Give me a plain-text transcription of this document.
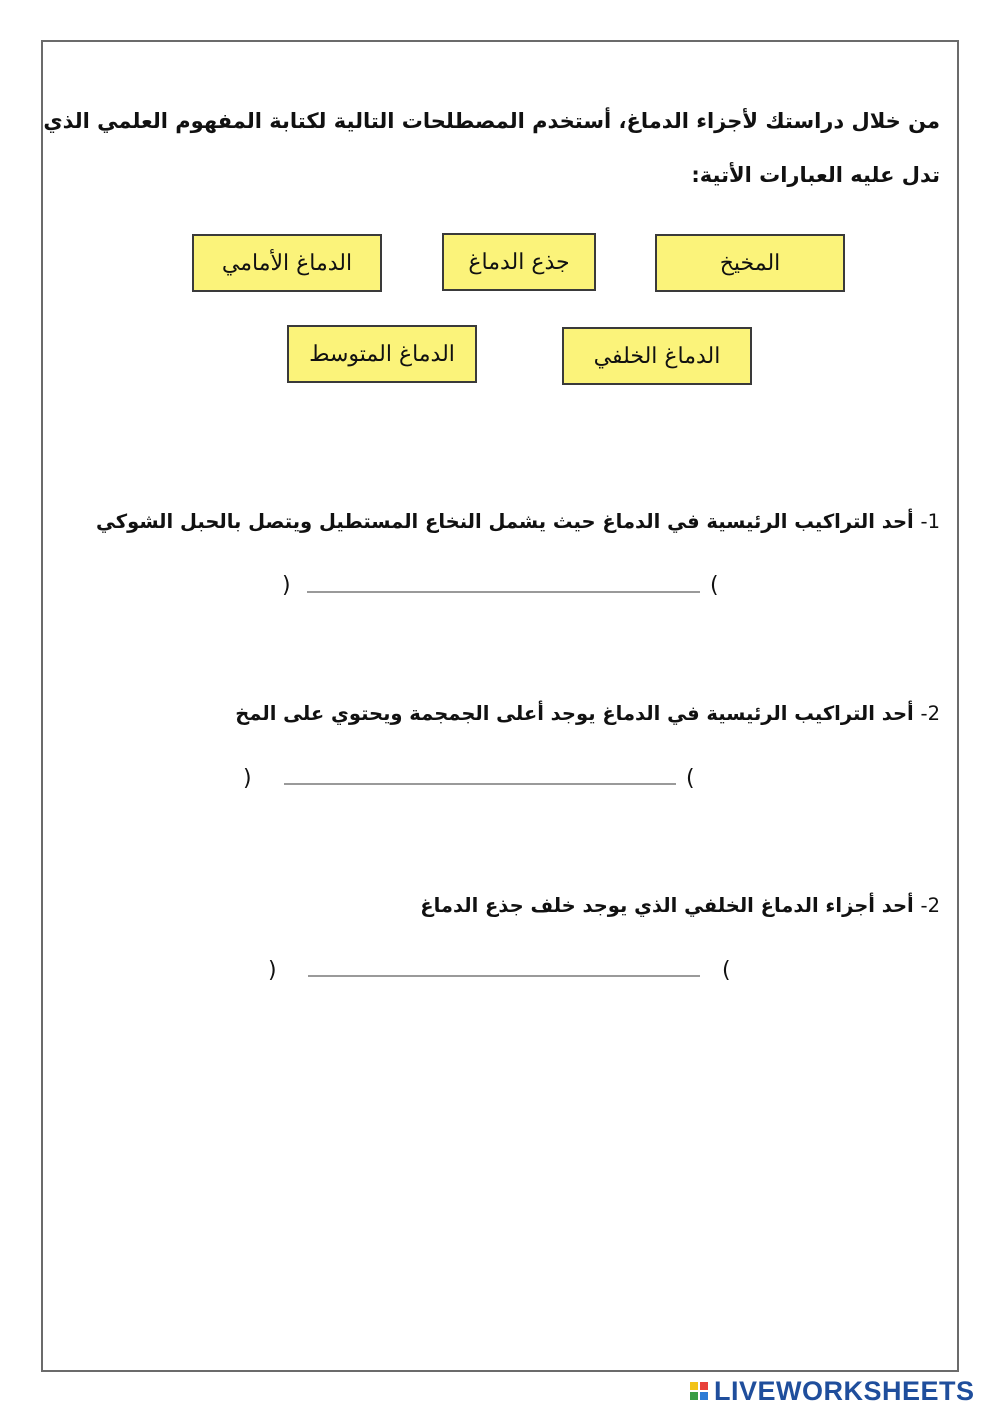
من خلال دراستك لأجزاء الدماغ، أستخدم المصطلحات التالية لكتابة المفهوم العلمي الذي
تدل عليه العبارات الأتية:
المخيخ
جذع الدماغ
الدماغ الأمامي
الدماغ الخلفي
الدماغ المتوسط
1- أحد التراكيب الرئيسية في الدماغ حيث يشمل النخاع المستطيل ويتصل بالحبل الشوكي
(
)
2- أحد التراكيب الرئيسية في الدماغ يوجد أعلى الجمجمة ويحتوي على المخ
(
)
2- أحد أجزاء الدماغ الخلفي الذي يوجد خلف جذع الدماغ
(
)
LIVEWORKSHEETS
